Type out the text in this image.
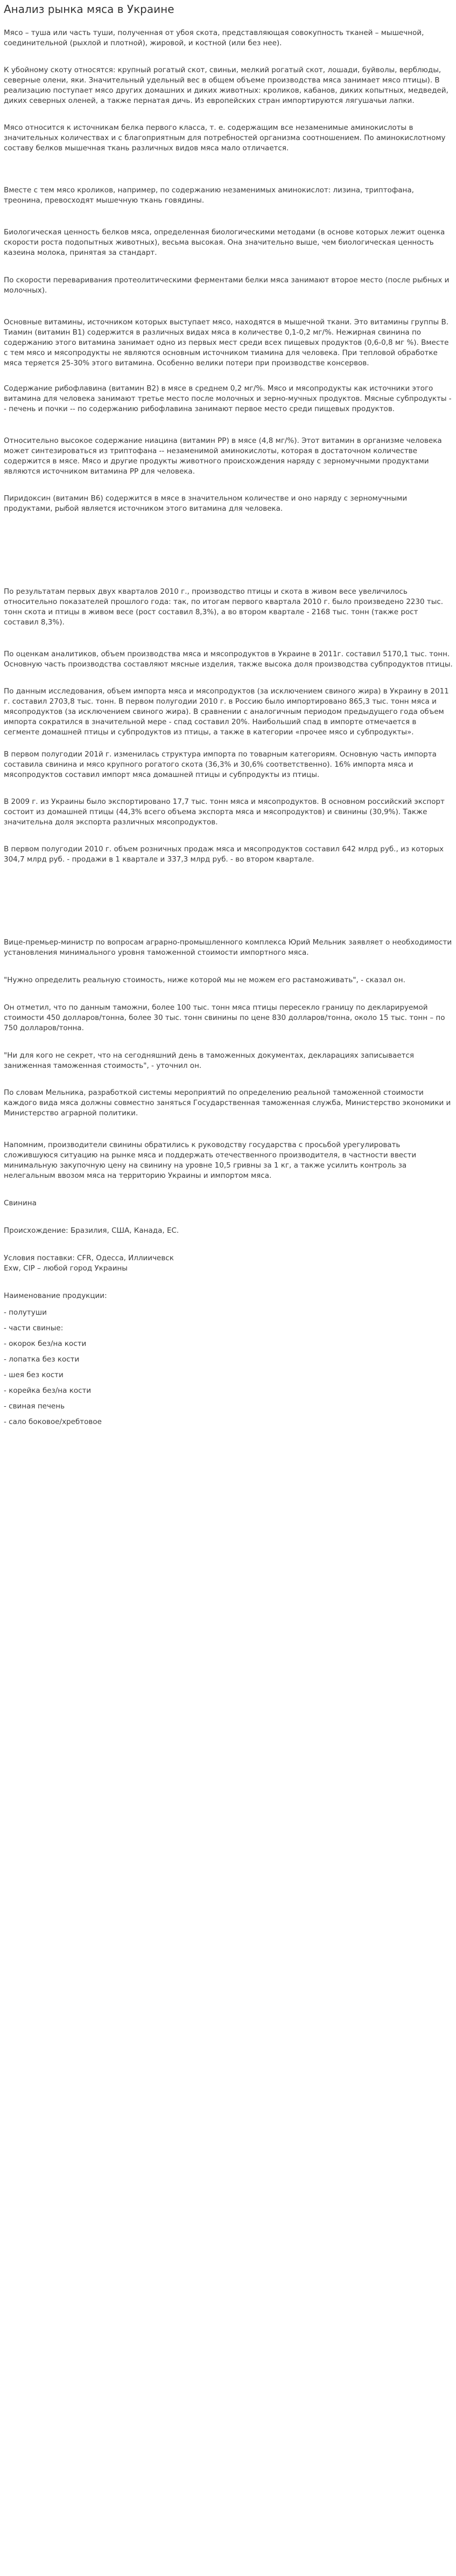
Анализ рынка мяса в Украине

Мясо – туша или часть туши, полученная от убоя скота, представляющая совокупность тканей – мышечной, соединительной (рыхлой и плотной), жировой, и костной (или без нее).

К убойному скоту относятся: крупный рогатый скот, свиньи, мелкий рогатый скот, лошади, буйволы, верблюды, северные олени, яки. Значительный удельный вес в общем объеме производства мяса занимает мясо птицы). В реализацию поступает мясо других домашних и диких животных: кроликов, кабанов, диких копытных, медведей, диких северных оленей, а также пернатая дичь. Из европейских стран импортируются лягушачьи лапки.

Мясо относится к источникам белка первого класса, т. е. содержащим все незаменимые аминокислоты в значительных количествах и с благоприятным для потребностей организма соотношением. По аминокислотному составу белков мышечная ткань различных видов мяса мало отличается.

Вместе с тем мясо кроликов, например, по содержанию незаменимых аминокислот: лизина, триптофана, треонина, превосходят мышечную ткань говядины.

Биологическая ценность белков мяса, определенная биологическими методами (в основе которых лежит оценка скорости роста подопытных животных), весьма высокая. Она значительно выше, чем биологическая ценность казеина молока, принятая за стандарт.

По скорости переваривания протеолитическими ферментами белки мяса занимают второе место (после рыбных и молочных).

Основные витамины, источником которых выступает мясо, находятся в мышечной ткани. Это витамины группы В. Тиамин (витамин В1) содержится в различных видах мяса в количестве 0,1-0,2 мг/%. Нежирная свинина по содержанию этого витамина занимает одно из первых мест среди всех пищевых продуктов (0,6-0,8 мг %). Вместе с тем мясо и мясопродукты не являются основным источником тиамина для человека. При тепловой обработке мяса теряется 25-30% этого витамина. Особенно велики потери при производстве консервов.

Содержание рибофлавина (витамин В2) в мясе в среднем 0,2 мг/%. Мясо и мясопродукты как источники этого витамина для человека занимают третье место после молочных и зерно-мучных продуктов. Мясные субпродукты -- печень и почки -- по содержанию рибофлавина занимают первое место среди пищевых продуктов.

Относительно высокое содержание ниацина (витамин РР) в мясе (4,8 мг/%). Этот витамин в организме человека может синтезироваться из триптофана -- незаменимой аминокислоты, которая в достаточном количестве содержится в мясе. Мясо и другие продукты животного происхождения наряду с зерномучными продуктами являются источником витамина РР для человека.

Пиридоксин (витамин В6) содержится в мясе в значительном количестве и оно наряду с зерномучными продуктами, рыбой является источником этого витамина для человека.

По результатам первых двух кварталов 2010 г., производство птицы и скота в живом весе увеличилось относительно показателей прошлого года: так, по итогам первого квартала 2010 г. было произведено 2230 тыс. тонн скота и птицы в живом весе (рост составил 8,3%), а во втором квартале - 2168 тыс. тонн (также рост составил 8,3%).

По оценкам аналитиков, объем производства мяса и мясопродуктов в Украине в 2011г. составил 5170,1 тыс. тонн. Основную часть производства составляют мясные изделия, также высока доля производства субпродуктов птицы.

По данным исследования, объем импорта мяса и мясопродуктов (за исключением свиного жира) в Украину в 2011 г. составил 2703,8 тыс. тонн. В первом полугодии 2010 г. в Россию было импортировано 865,3 тыс. тонн мяса и мясопродуктов (за исключением свиного жира). В сравнении с аналогичным периодом предыдущего года объем импорта сократился в значительной мере - спад составил 20%. Наибольший спад в импорте отмечается в сегменте домашней птицы и субпродуктов из птицы, а также в категории «прочее мясо и субпродукты».

В первом полугодии 201й г. изменилась структура импорта по товарным категориям. Основную часть импорта составила свинина и мясо крупного рогатого скота (36,3% и 30,6% соответственно). 16% импорта мяса и мясопродуктов составил импорт мяса домашней птицы и субпродукты из птицы.

В 2009 г. из Украины было экспортировано 17,7 тыс. тонн мяса и мясопродуктов. В основном российский экспорт состоит из домашней птицы (44,3% всего объема экспорта мяса и мясопродуктов) и свинины (30,9%). Также значительна доля экспорта различных мясопродуктов.

В первом полугодии 2010 г. объем розничных продаж мяса и мясопродуктов составил 642 млрд руб., из которых 304,7 млрд руб. - продажи в 1 квартале и 337,3 млрд руб. - во втором квартале.

Вице-премьер-министр по вопросам аграрно-промышленного комплекса Юрий Мельник заявляет о необходимости установления минимального уровня таможенной стоимости импортного мяса.

"Нужно определить реальную стоимость, ниже которой мы не можем его растаможивать", - сказал он.

Он отметил, что по данным таможни, более 100 тыс. тонн мяса птицы пересекло границу по декларируемой стоимости 450 долларов/тонна, более 30 тыс. тонн свинины по цене 830 долларов/тонна, около 15 тыс. тонн – по 750 долларов/тонна.

"Ни для кого не секрет, что на сегодняшний день в таможенных документах, декларациях записывается заниженная таможенная стоимость", - уточнил он.

По словам Мельника, разработкой системы мероприятий по определению реальной таможенной стоимости каждого вида мяса должны совместно заняться Государственная таможенная служба, Министерство экономики и Министерство аграрной политики.

Напомним, производители свинины обратились к руководству государства с просьбой урегулировать сложившуюся ситуацию на рынке мяса и поддержать отечественного производителя, в частности ввести минимальную закупочную цену на свинину на уровне 10,5 гривны за 1 кг, а также усилить контроль за нелегальным ввозом мяса на территорию Украины и импортом мяса.

Свинина

Происхождение: Бразилия, США, Канада, ЕС.

Условия поставки: CFR, Одесса, Иллиичевск
Exw, CIP – любой город Украины

Наименование продукции:

- полутуши

- части свиные:

- окорок без/на кости

- лопатка без кости

- шея без кости

- корейка без/на кости

- свиная печень

- сало боковое/хребтовое
